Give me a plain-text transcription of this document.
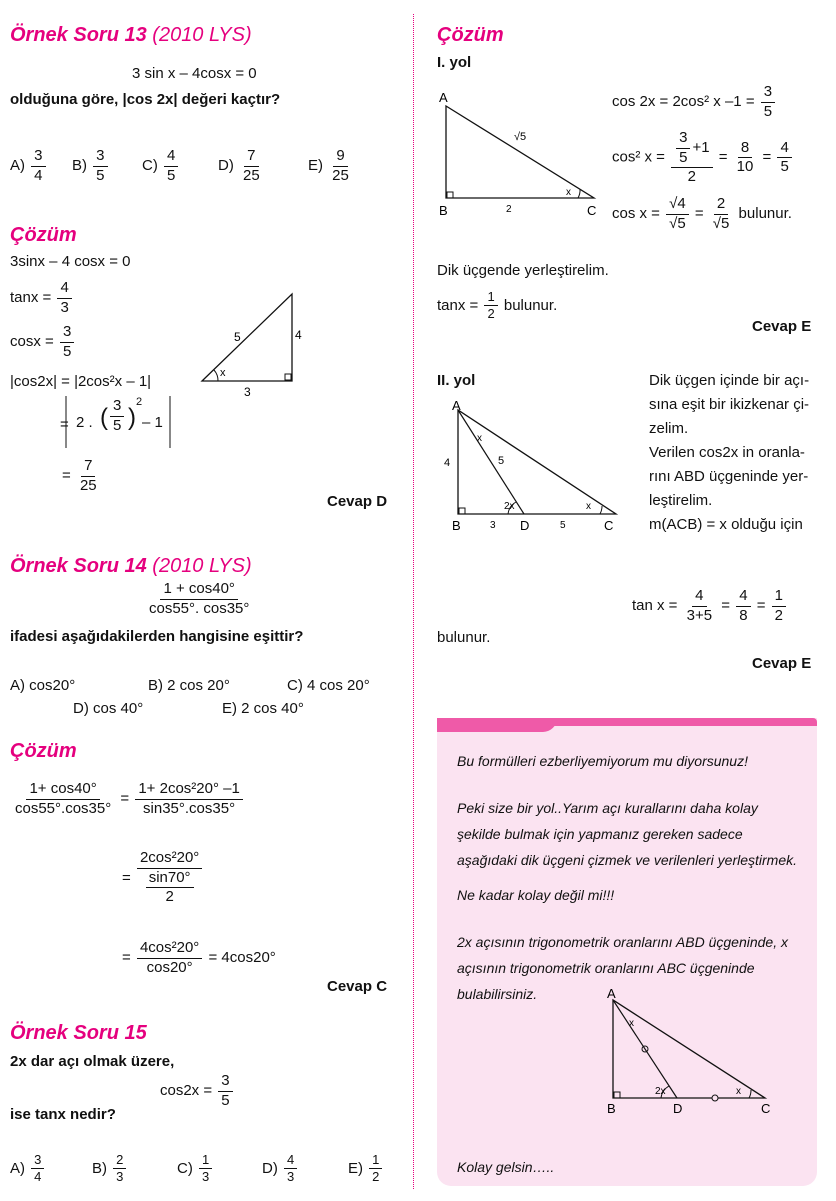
Örnek Soru 13 (2010 LYS)
3 sin x – 4cosx = 0
olduğuna göre, |cos 2x| değeri kaçtır?
$A) \frac{3}{4} B) \frac{3}{5} C) \frac{4}{5}$	$D) \frac{7}{25}$	$E) \frac{9}{25}$
Çözüm
3sinx – 4 cosx = 0
$\tan x = \frac{4}{3}$
$\cos x = \frac{3}{5}$
|cos2x| = |2cos²x – 1|
= 2 . ( $\frac{3}{5}$ )
2
– 1
= $\frac{7}{25}$
5	4
3
x
Cevap D
Örnek Soru 14 (2010 LYS)
$\frac{1 + \cos 40^\circ}{\cos 55^\circ. \cos 35^\circ}$
ifadesi aşağıdakilerden hangisine eşittir?
A) cos20°	B) 2 cos 20°	C) 4 cos 20°
D) cos 40°	E) 2 cos 40°
Çözüm
$\frac{1+ \cos 40^\circ}{\cos 55^\circ.\cos 35^\circ} = \frac{\text{1+ 2cos²20° –1}}{\sin 35^\circ.\cos 35^\circ}$
= $\frac{\text{2cos²20°}}{\frac{\sin 70^\circ}{2}}$
= $\frac{\text{4cos²20°}}{\cos 20^\circ} = 4\cos 20^\circ$
Cevap C
Örnek Soru 15
2x dar açı olmak üzere,
$\cos 2x = \frac{3}{5}$
ise tanx nedir?
$A) \frac{3}{4}$	$B) \frac{2}{3}$	$C) \frac{1}{3}$	$D) \frac{4}{3}$	$E) \frac{1}{2}$
Çözüm
I. yol
A
B	C
√5
2
x
cos 2x = 2cos² x $-1 = \frac{3}{5}$
cos² $x = \frac{\frac{3}{5} +1}{2} = \frac{8}{10} = \frac{4}{5}$
$\cos x = \frac{√4}{√5} = \frac{2}{√5}$ bulunur.
Dik üçgende yerleştirelim.
$\tan x = \frac{1}{2}$ bulunur.
Cevap E
II. yol
A
B	D	C
4	5
3	5
x
x
2x
Dik üçgen içinde bir açı-
sına eşit bir ikizkenar çi-
zelim.
Verilen cos2x in oranla-
rını ABD üçgeninde yer-
leştirelim.
m(ACB) = x olduğu için
$\tan x = \frac{4}{3+5} = \frac{4}{8} = \frac{1}{2}$
bulunur.
Cevap E

Bu formülleri ezberliyemiyorum mu diyorsunuz!

Peki size bir yol..Yarım açı kurallarını daha kolay şekilde bulmak için yapmanız gereken sadece aşağıdaki dik üçgeni çizmek ve verilenleri yerleştirmek.

Ne kadar kolay değil mi!!!

2x açısının trigonometrik oranlarını ABD üçgeninde, x açısının trigonometrik oranlarını ABC üçgeninde bulabilirsiniz.

Kolay gelsin…..

A
B	D	C
x
x
2x
